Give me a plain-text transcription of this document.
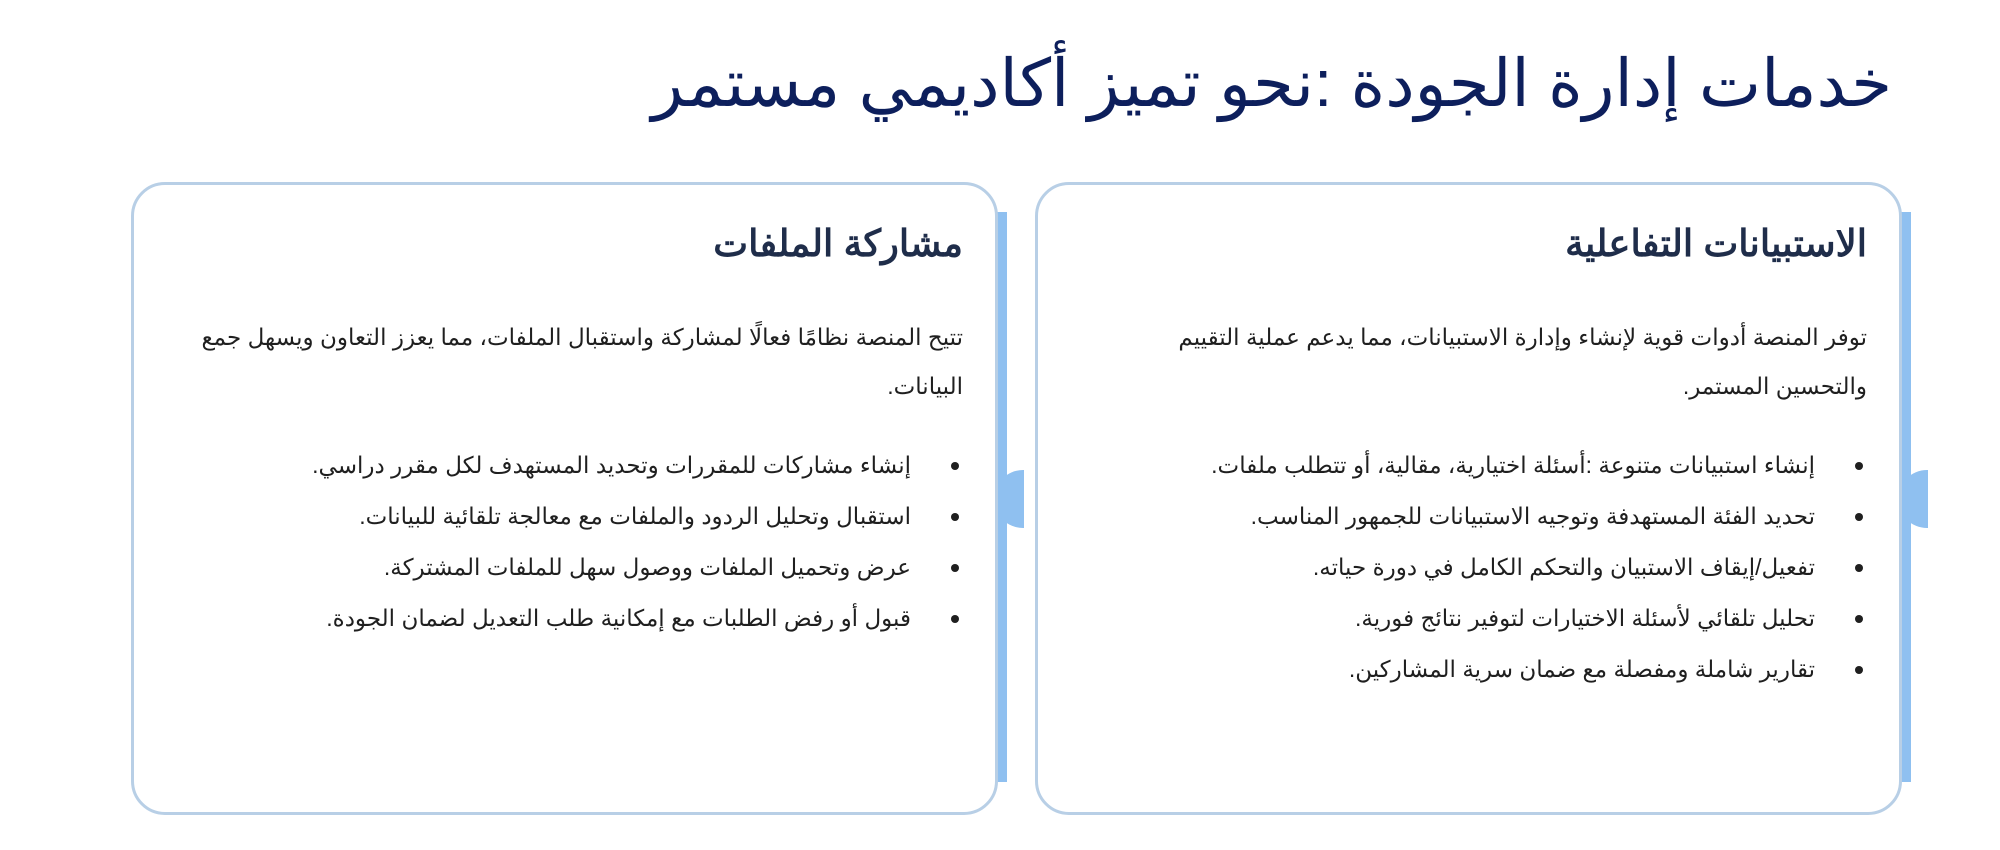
خدمات إدارة الجودة :نحو تميز أكاديمي مستمر
الاستبيانات التفاعلية

توفر المنصة أدوات قوية لإنشاء وإدارة الاستبيانات، مما يدعم عملية التقييم والتحسين المستمر.

إنشاء استبيانات متنوعة :أسئلة اختيارية، مقالية، أو تتطلب ملفات.
تحديد الفئة المستهدفة وتوجيه الاستبيانات للجمهور المناسب.
تفعيل/إيقاف الاستبيان والتحكم الكامل في دورة حياته.
تحليل تلقائي لأسئلة الاختيارات لتوفير نتائج فورية.
تقارير شاملة ومفصلة مع ضمان سرية المشاركين.
مشاركة الملفات

تتيح المنصة نظامًا فعالًا لمشاركة واستقبال الملفات، مما يعزز التعاون ويسهل جمع البيانات.

إنشاء مشاركات للمقررات وتحديد المستهدف لكل مقرر دراسي.
استقبال وتحليل الردود والملفات مع معالجة تلقائية للبيانات.
عرض وتحميل الملفات ووصول سهل للملفات المشتركة.
قبول أو رفض الطلبات مع إمكانية طلب التعديل لضمان الجودة.
